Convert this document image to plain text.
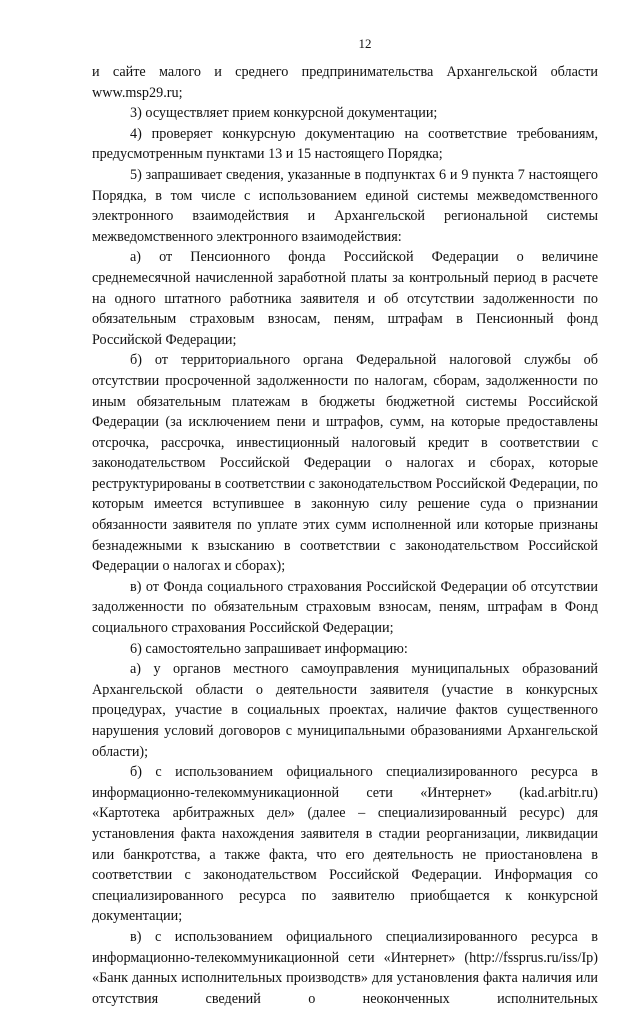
12

и сайте малого и среднего предпринимательства Архангельской области www.msp29.ru;

3) осуществляет прием конкурсной документации;

4) проверяет конкурсную документацию на соответствие требованиям, предусмотренным пунктами 13 и 15 настоящего Порядка;

5) запрашивает сведения, указанные в подпунктах 6 и 9 пункта 7 настоящего Порядка, в том числе с использованием единой системы межведомственного электронного взаимодействия и Архангельской региональной системы межведомственного электронного взаимодействия:

а) от Пенсионного фонда Российской Федерации о величине среднемесячной начисленной заработной платы за контрольный период в расчете на одного штатного работника заявителя и об отсутствии задолженности по обязательным страховым взносам, пеням, штрафам в Пенсионный фонд Российской Федерации;

б) от территориального органа Федеральной налоговой службы об отсутствии просроченной задолженности по налогам, сборам, задолженности по иным обязательным платежам в бюджеты бюджетной системы Российской Федерации (за исключением пени и штрафов, сумм, на которые предоставлены отсрочка, рассрочка, инвестиционный налоговый кредит в соответствии с законодательством Российской Федерации о налогах и сборах, которые реструктурированы в соответствии с законодательством Российской Федерации, по которым имеется вступившее в законную силу решение суда о признании обязанности заявителя по уплате этих сумм исполненной или которые признаны безнадежными к взысканию в соответствии с законодательством Российской Федерации о налогах и сборах);

в) от Фонда социального страхования Российской Федерации об отсутствии задолженности по обязательным страховым взносам, пеням, штрафам в Фонд социального страхования Российской Федерации;

6) самостоятельно запрашивает информацию:

а) у органов местного самоуправления муниципальных образований Архангельской области о деятельности заявителя (участие в конкурсных процедурах, участие в социальных проектах, наличие фактов существенного нарушения условий договоров с муниципальными образованиями Архангельской области);

б) с использованием официального специализированного ресурса в информационно-телекоммуникационной сети «Интернет» (kad.arbitr.ru) «Картотека арбитражных дел» (далее – специализированный ресурс) для установления факта нахождения заявителя в стадии реорганизации, ликвидации или банкротства, а также факта, что его деятельность не приостановлена в соответствии с законодательством Российской Федерации. Информация со специализированного ресурса по заявителю приобщается к конкурсной документации;

в) с использованием официального специализированного ресурса в информационно-телекоммуникационной сети «Интернет» (http://fssprus.ru/iss/Ip) «Банк данных исполнительных производств» для установления факта наличия или отсутствия сведений о неоконченных исполнительных
